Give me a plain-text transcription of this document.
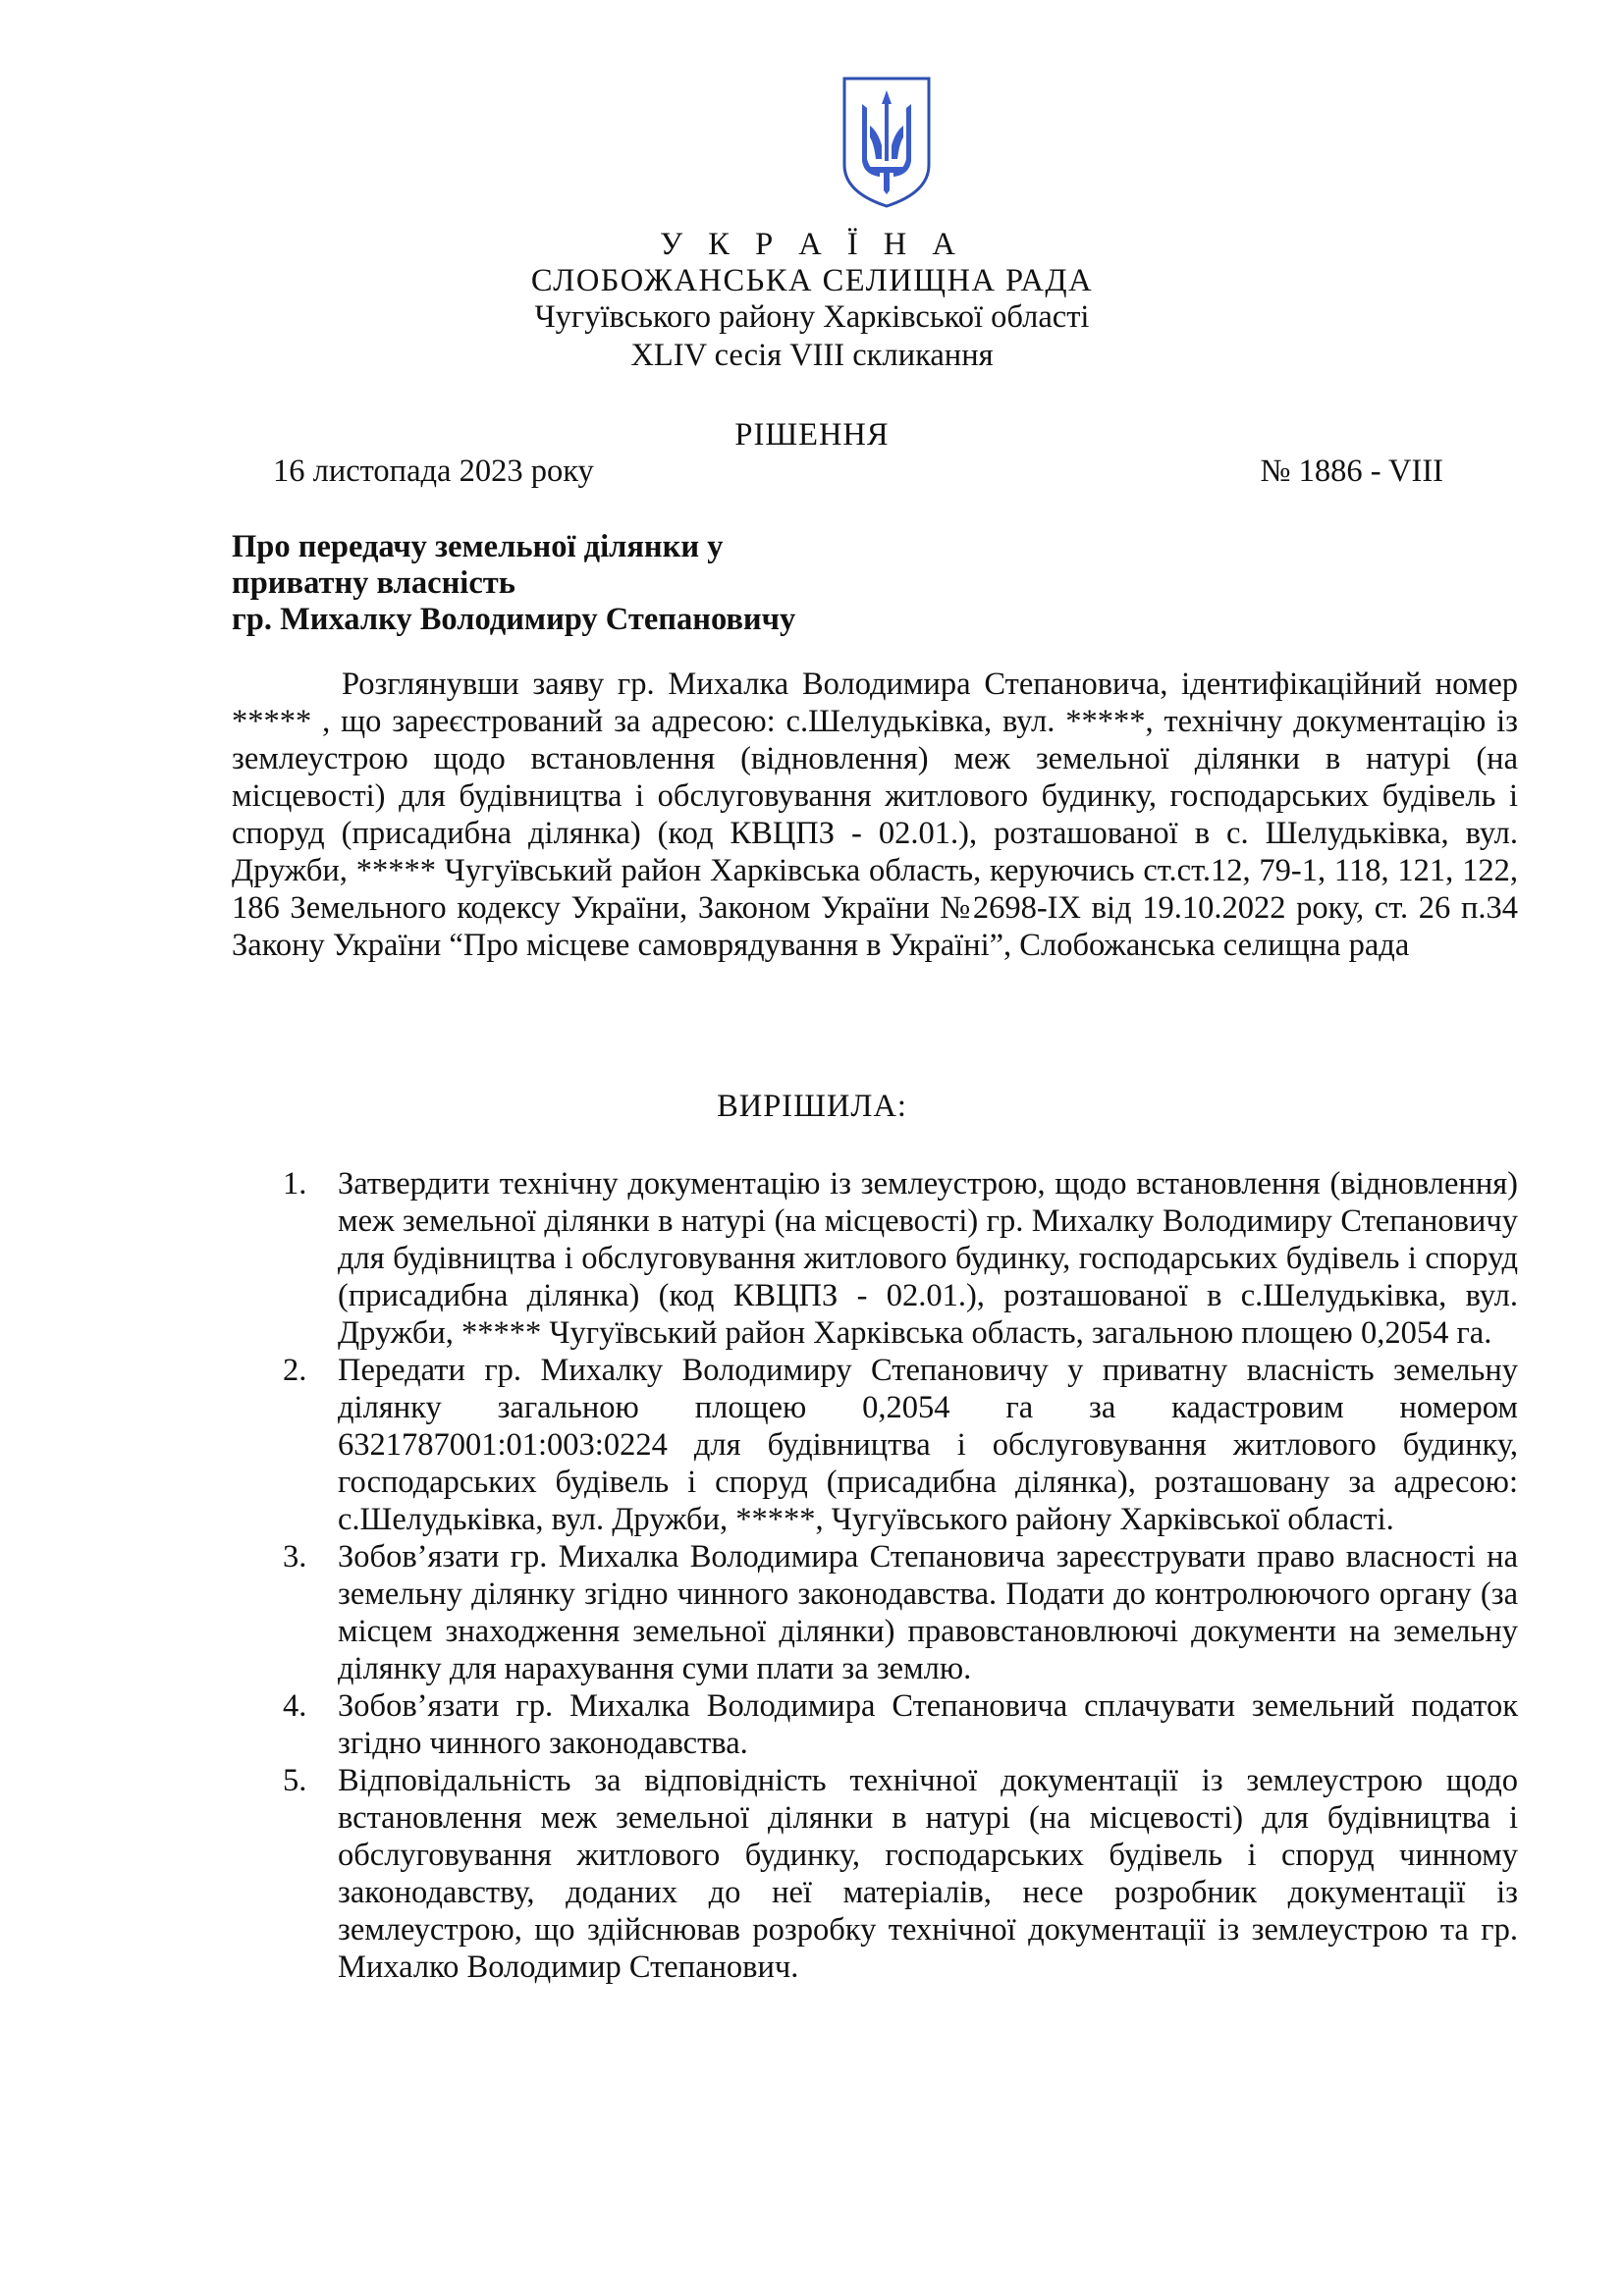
У К Р А Ї Н А
СЛОБОЖАНСЬКА СЕЛИЩНА РАДА
Чугуївського району Харківської області
XLIV сесія VIII скликання
РІШЕННЯ
16 листопада 2023 року	№ 1886 - VIII
Про передачу земельної ділянки у
приватну власність
гр. Михалку Володимиру Степановичу

Розглянувши заяву гр. Михалка Володимира Степановича, ідентифікаційний номер ***** , що зареєстрований за адресою: с.Шелудьківка, вул. *****, технічну документацію із землеустрою щодо встановлення (відновлення) меж земельної ділянки в натурі (на місцевості) для будівництва і обслуговування житлового будинку, господарських будівель і споруд (присадибна ділянка) (код КВЦПЗ - 02.01.), розташованої в с. Шелудьківка, вул. Дружби, ***** Чугуївський район Харківська область, керуючись ст.ст.12, 79-1, 118, 121, 122, 186 Земельного кодексу України, Законом України №2698-IX від 19.10.2022 року, ст. 26 п.34 Закону України “Про місцеве самоврядування в Україні”, Слобожанська селищна рада

ВИРІШИЛА:
1. Затвердити технічну документацію із землеустрою, щодо встановлення (відновлення) меж земельної ділянки в натурі (на місцевості) гр. Михалку Володимиру Степановичу для будівництва і обслуговування житлового будинку, господарських будівель і споруд (присадибна ділянка) (код КВЦПЗ - 02.01.), розташованої в с.Шелудьківка, вул. Дружби, ***** Чугуївський район Харківська область, загальною площею 0,2054 га.
2. Передати гр. Михалку Володимиру Степановичу у приватну власність земельну ділянку загальною площею 0,2054 га за кадастровим номером 6321787001:01:003:0224 для будівництва і обслуговування житлового будинку, господарських будівель і споруд (присадибна ділянка), розташовану за адресою: с.Шелудьківка, вул. Дружби, *****, Чугуївського району Харківської області.
3. Зобов’язати гр. Михалка Володимира Степановича зареєструвати право власності на земельну ділянку згідно чинного законодавства. Подати до контролюючого органу (за місцем знаходження земельної ділянки) правовстановлюючі документи на земельну ділянку для нарахування суми плати за землю.
4. Зобов’язати гр. Михалка Володимира Степановича сплачувати земельний податок згідно чинного законодавства.
5. Відповідальність за відповідність технічної документації із землеустрою щодо встановлення меж земельної ділянки в натурі (на місцевості) для будівництва і обслуговування житлового будинку, господарських будівель і споруд чинному законодавству, доданих до неї матеріалів, несе розробник документації із землеустрою, що здійснював розробку технічної документації із землеустрою та гр. Михалко Володимир Степанович.
